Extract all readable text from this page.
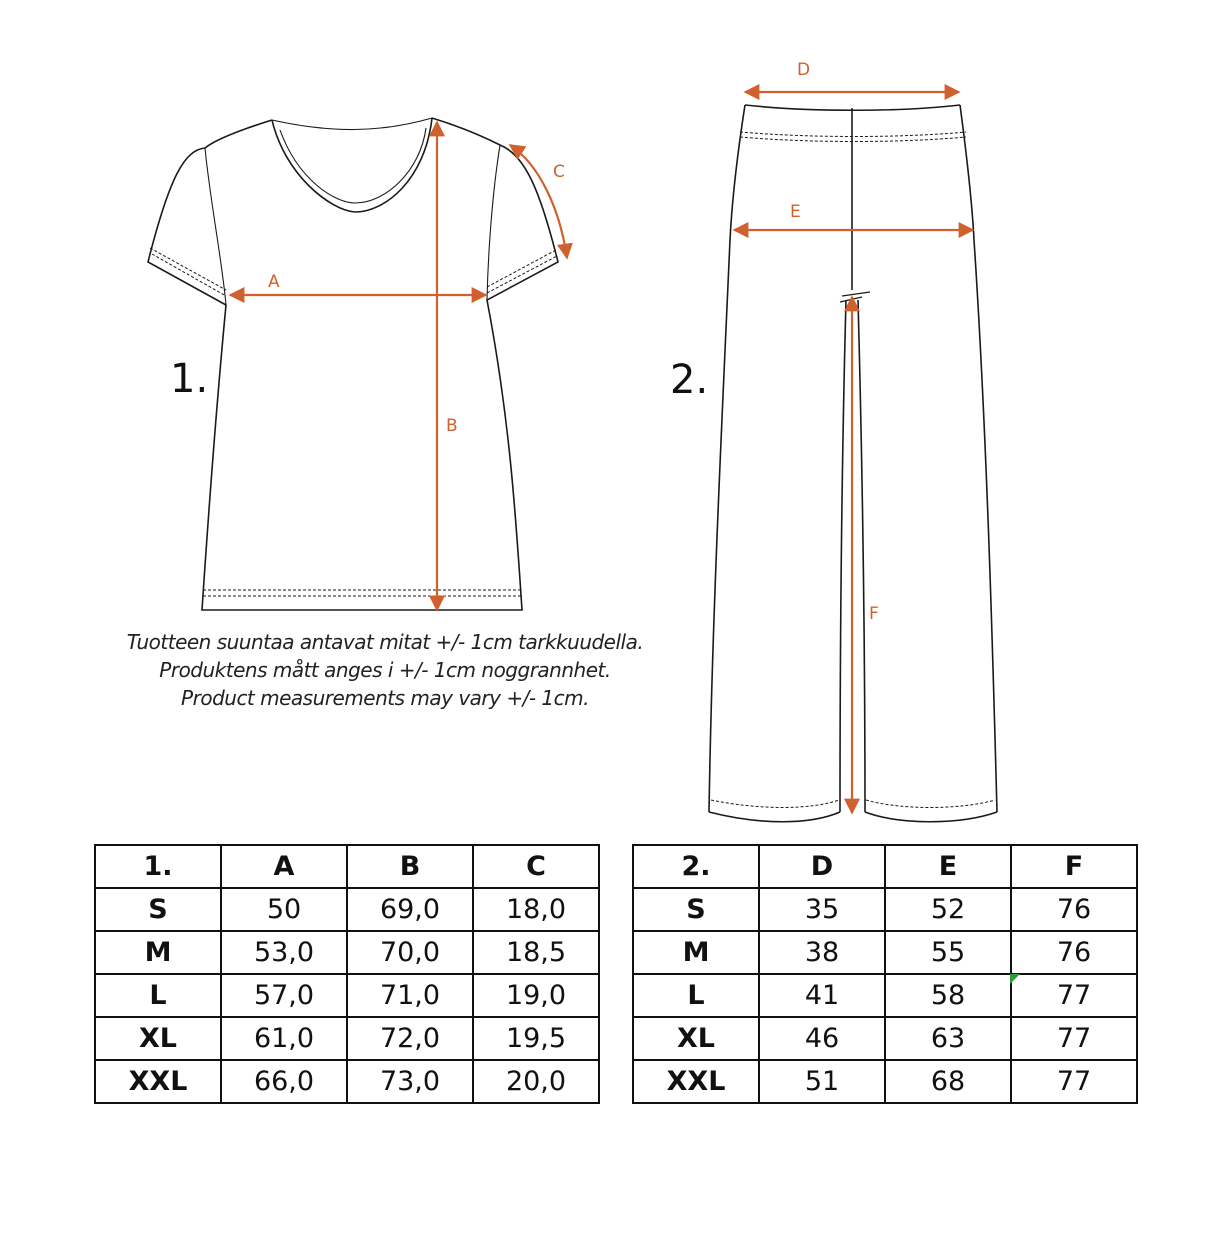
A
B
C
1.
D
E
F
2.
Tuotteen suuntaa antavat mitat +/- 1cm tarkkuudella.
Produktens mått anges i +/- 1cm noggrannhet.
Product measurements may vary +/- 1cm.
1.	A	B	C
S	50	69,0	18,0
M	53,0	70,0	18,5
L	57,0	71,0	19,0
XL	61,0	72,0	19,5
XXL	66,0	73,0	20,0
2.	D	E	F
S	35	52	76
M	38	55	76
L	41	58	77
XL	46	63	77
XXL	51	68	77
